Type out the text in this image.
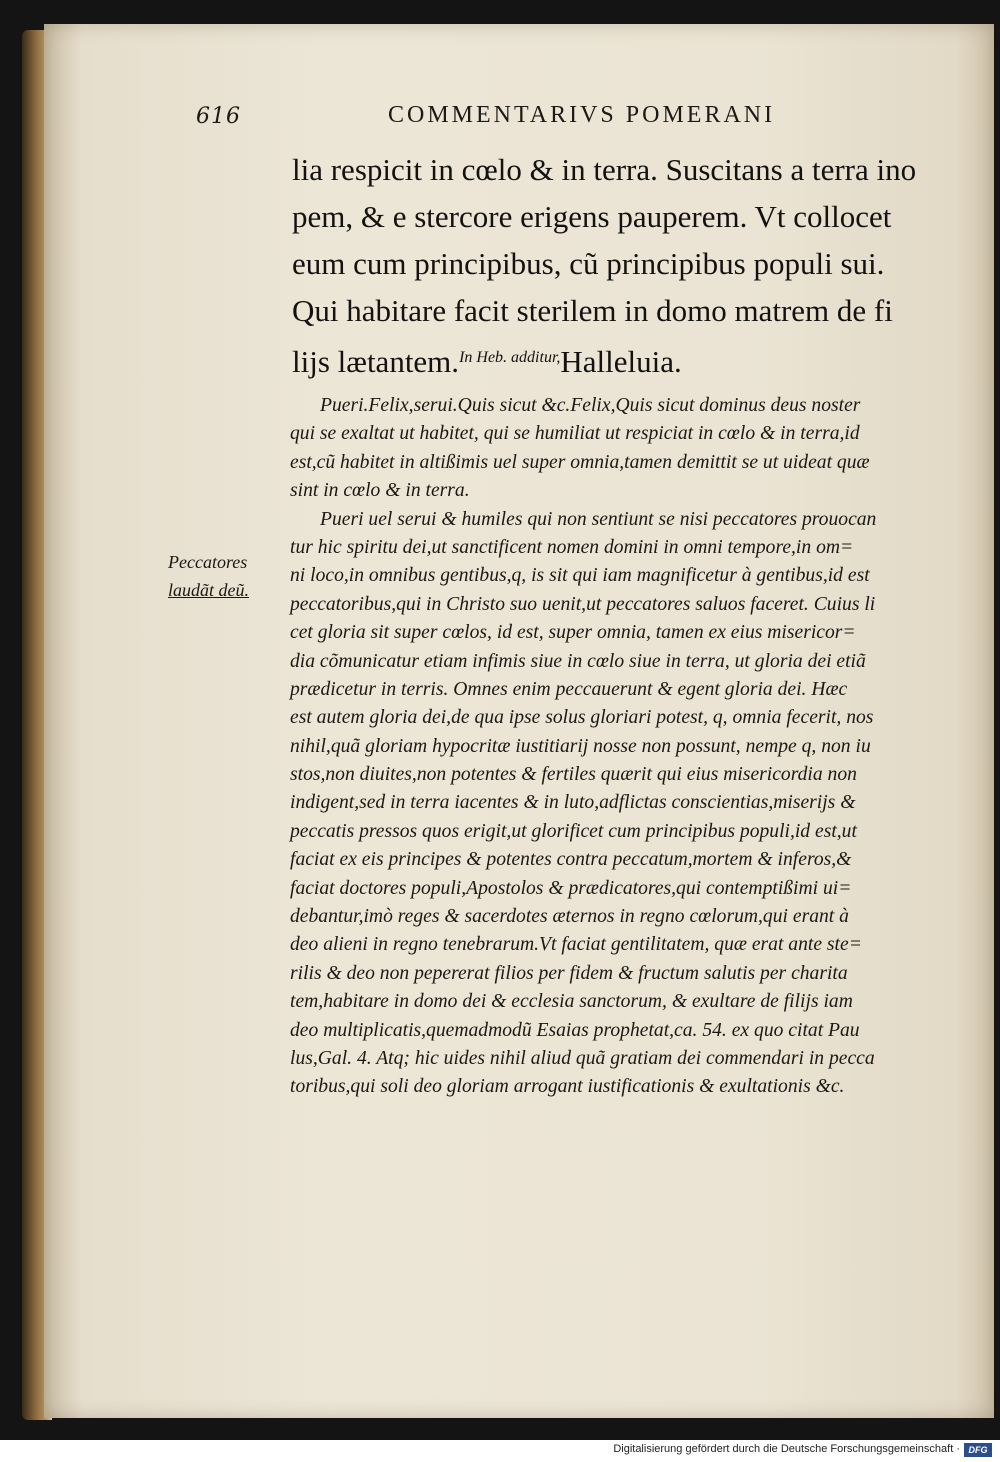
616	COMMENTARIVS POMERANI
lia respicit in cœlo & in terra. Suscitans a terra ino
pem, & e stercore erigens pauperem. Vt collocet
eum cum principibus, cũ principibus populi sui.
Qui habitare facit sterilem in domo matrem de fi
lijs lætantem.$^{In Heb. additur,}$Halleluia.
Peccatores
laudãt deũ.
Pueri.Felix,serui.Quis sicut &c.Felix,Quis sicut dominus deus noster
qui se exaltat ut habitet, qui se humiliat ut respiciat in cœlo & in terra,id
est,cũ habitet in altißimis uel super omnia,tamen demittit se ut uideat quæ
sint in cœlo & in terra.
Pueri uel serui & humiles qui non sentiunt se nisi peccatores prouocan
tur hic spiritu dei,ut sanctificent nomen domini in omni tempore,in om=
ni loco,in omnibus gentibus,q, is sit qui iam magnificetur à gentibus,id est
peccatoribus,qui in Christo suo uenit,ut peccatores saluos faceret. Cuius li
cet gloria sit super cœlos, id est, super omnia, tamen ex eius misericor=
dia cõmunicatur etiam infimis siue in cœlo siue in terra, ut gloria dei etiã
prædicetur in terris. Omnes enim peccauerunt & egent gloria dei. Hæc
est autem gloria dei,de qua ipse solus gloriari potest, q, omnia fecerit, nos
nihil,quã gloriam hypocritæ iustitiarij nosse non possunt, nempe q, non iu
stos,non diuites,non potentes & fertiles quærit qui eius misericordia non
indigent,sed in terra iacentes & in luto,adflictas conscientias,miserijs &
peccatis pressos quos erigit,ut glorificet cum principibus populi,id est,ut
faciat ex eis principes & potentes contra peccatum,mortem & inferos,&
faciat doctores populi,Apostolos & prædicatores,qui contemptißimi ui=
debantur,imò reges & sacerdotes æternos in regno cœlorum,qui erant à
deo alieni in regno tenebrarum.Vt faciat gentilitatem, quæ erat ante ste=
rilis & deo non pepererat filios per fidem & fructum salutis per charita
tem,habitare in domo dei & ecclesia sanctorum, & exultare de filijs iam
deo multiplicatis,quemadmodũ Esaias prophetat,ca. 54. ex quo citat Pau
lus,Gal. 4. Atq; hic uides nihil aliud quã gratiam dei commendari in pecca
toribus,qui soli deo gloriam arrogant iustificationis & exultationis &c.
Digitalisierung gefördert durch die Deutsche Forschungsgemeinschaft · DFG
